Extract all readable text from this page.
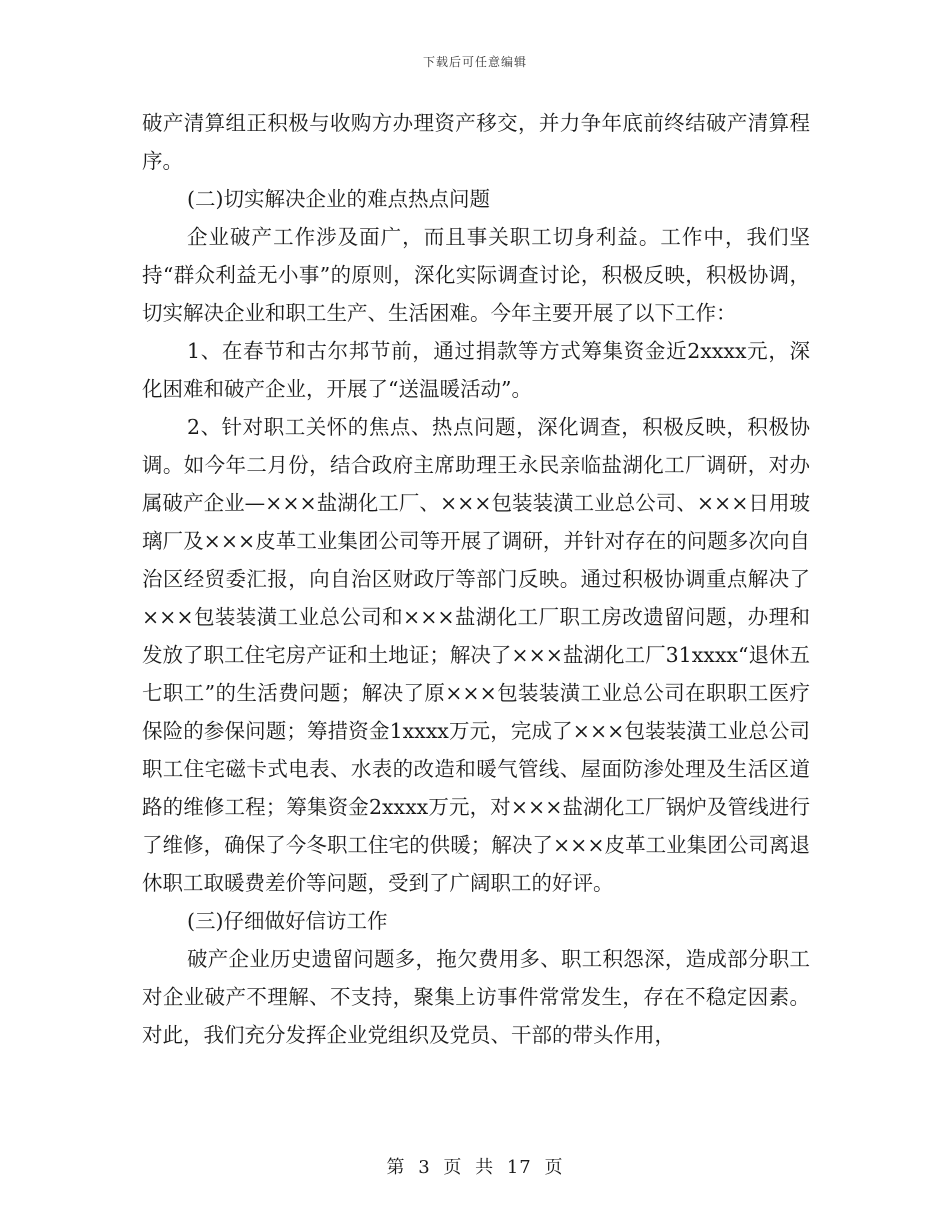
下载后可任意编辑

破产清算组正积极与收购方办理资产移交，并力争年底前终结破产清算程序。

(二)切实解决企业的难点热点问题

企业破产工作涉及面广，而且事关职工切身利益。工作中，我们坚持“群众利益无小事”的原则，深化实际调查讨论，积极反映，积极协调，切实解决企业和职工生产、生活困难。今年主要开展了以下工作：

1、在春节和古尔邦节前，通过捐款等方式筹集资金近2xxxx元，深化困难和破产企业，开展了“送温暖活动”。

2、针对职工关怀的焦点、热点问题，深化调查，积极反映，积极协调。如今年二月份，结合政府主席助理王永民亲临盐湖化工厂调研，对办属破产企业—×××盐湖化工厂、×××包装装潢工业总公司、×××日用玻璃厂及×××皮革工业集团公司等开展了调研，并针对存在的问题多次向自治区经贸委汇报，向自治区财政厅等部门反映。通过积极协调重点解决了×××包装装潢工业总公司和×××盐湖化工厂职工房改遗留问题，办理和发放了职工住宅房产证和土地证；解决了×××盐湖化工厂31xxxx“退休五七职工”的生活费问题；解决了原×××包装装潢工业总公司在职职工医疗保险的参保问题；筹措资金1xxxx万元，完成了×××包装装潢工业总公司职工住宅磁卡式电表、水表的改造和暖气管线、屋面防渗处理及生活区道路的维修工程；筹集资金2xxxx万元，对×××盐湖化工厂锅炉及管线进行了维修，确保了今冬职工住宅的供暖；解决了×××皮革工业集团公司离退休职工取暖费差价等问题，受到了广阔职工的好评。

(三)仔细做好信访工作

破产企业历史遗留问题多，拖欠费用多、职工积怨深，造成部分职工对企业破产不理解、不支持，聚集上访事件常常发生，存在不稳定因素。对此，我们充分发挥企业党组织及党员、干部的带头作用，

第 3 页 共 17 页
